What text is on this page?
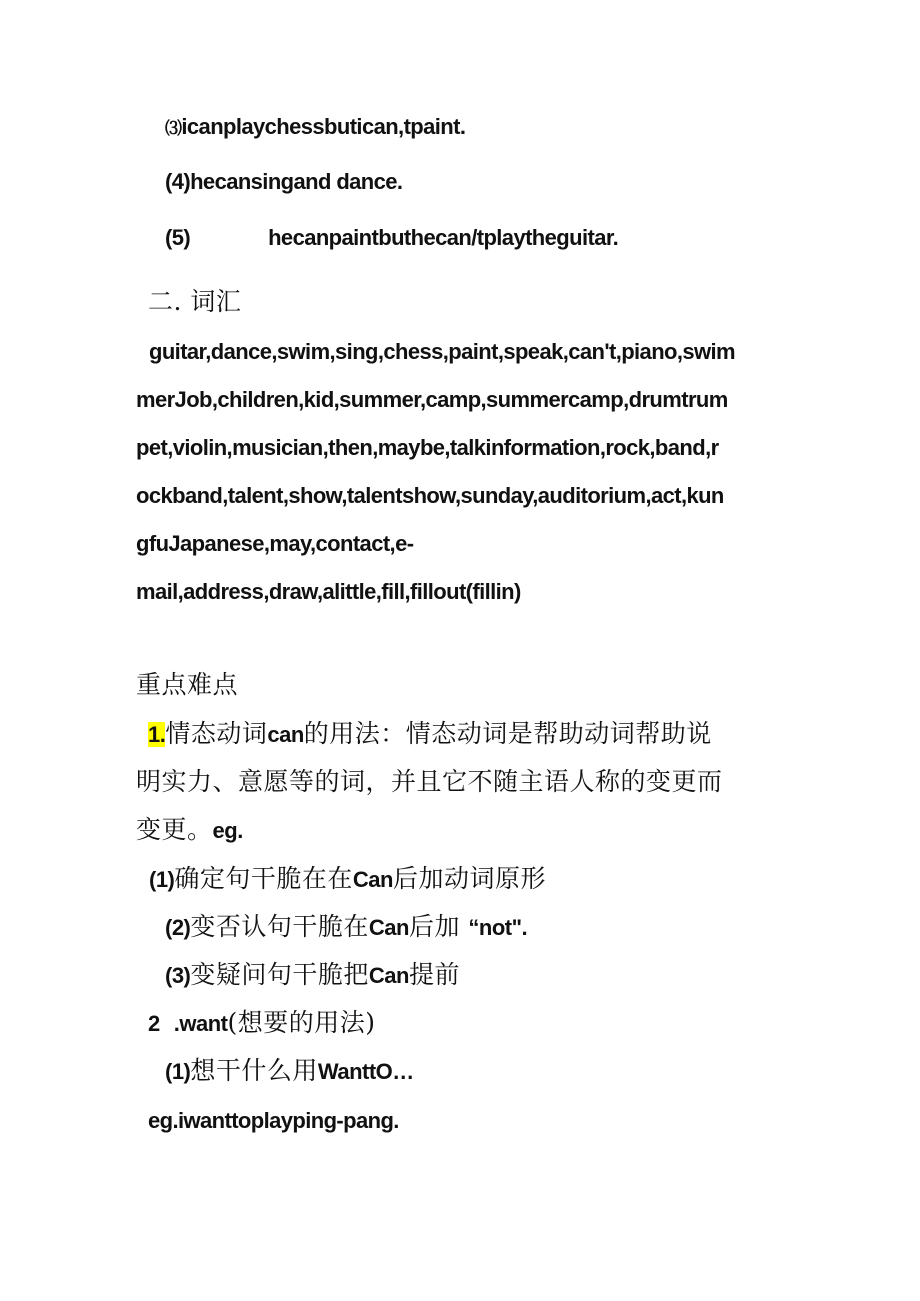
⑶icanplaychessbutican,tpaint.
(4)hecansingand dance.
(5)	hecanpaintbuthecan/tplaytheguitar.
二. 词汇
guitar,dance,swim,sing,chess,paint,speak,can't,piano,swim
merJob,children,kid,summer,camp,summercamp,drumtrum
pet,violin,musician,then,maybe,talkinformation,rock,band,r
ockband,talent,show,talentshow,sunday,auditorium,act,kun
gfuJapanese,may,contact,e-
mail,address,draw,alittle,fill,fillout(fillin)
重点难点
1.情态动词can的用法：情态动词是帮助动词帮助说
明实力、意愿等的词，并且它不随主语人称的变更而
变更。eg.
(1)确定句干脆在在Can后加动词原形
(2)变否认句干脆在Can后加 “not".
(3)变疑问句干脆把Can提前
2 .want(想要的用法)
(1)想干什么用WanttO…
eg.iwanttoplayping-pang.
